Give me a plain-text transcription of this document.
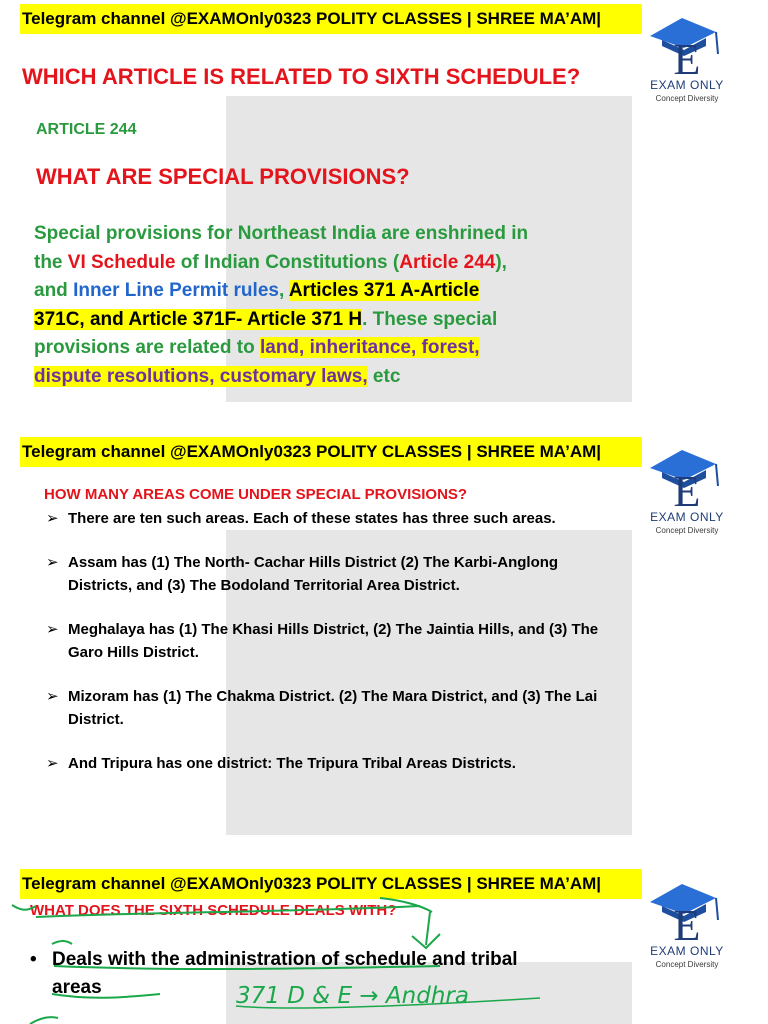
Telegram channel @EXAMOnly0323 POLITY CLASSES | SHREE MA’AM|
E
EXAM ONLY
Concept Diversity
WHICH ARTICLE IS RELATED TO SIXTH SCHEDULE?
ARTICLE 244
WHAT ARE SPECIAL PROVISIONS?
Special provisions for Northeast India are enshrined in the VI Schedule of Indian Constitutions (Article 244), and Inner Line Permit rules, Articles 371 A-Article 371C, and Article 371F- Article 371 H. These special provisions are related to land, inheritance, forest, dispute resolutions, customary laws, etc
Telegram channel @EXAMOnly0323 POLITY CLASSES | SHREE MA’AM|
E
EXAM ONLY
Concept Diversity
HOW MANY AREAS COME UNDER SPECIAL PROVISIONS?
➢ There are ten such areas. Each of these states has three such areas.
➢ Assam has (1) The North- Cachar Hills District (2) The Karbi-Anglong Districts, and (3) The Bodoland Territorial Area District.
➢ Meghalaya has (1) The Khasi Hills District, (2) The Jaintia Hills, and (3) The Garo Hills District.
➢ Mizoram has (1) The Chakma District. (2) The Mara District, and (3) The Lai District.
➢ And Tripura has one district: The Tripura Tribal Areas Districts.
Telegram channel @EXAMOnly0323 POLITY CLASSES | SHREE MA’AM|
E
EXAM ONLY
Concept Diversity
WHAT DOES THE SIXTH SCHEDULE DEALS WITH?
• Deals with the administration of schedule and tribal areas	371 D & E → Andhra
